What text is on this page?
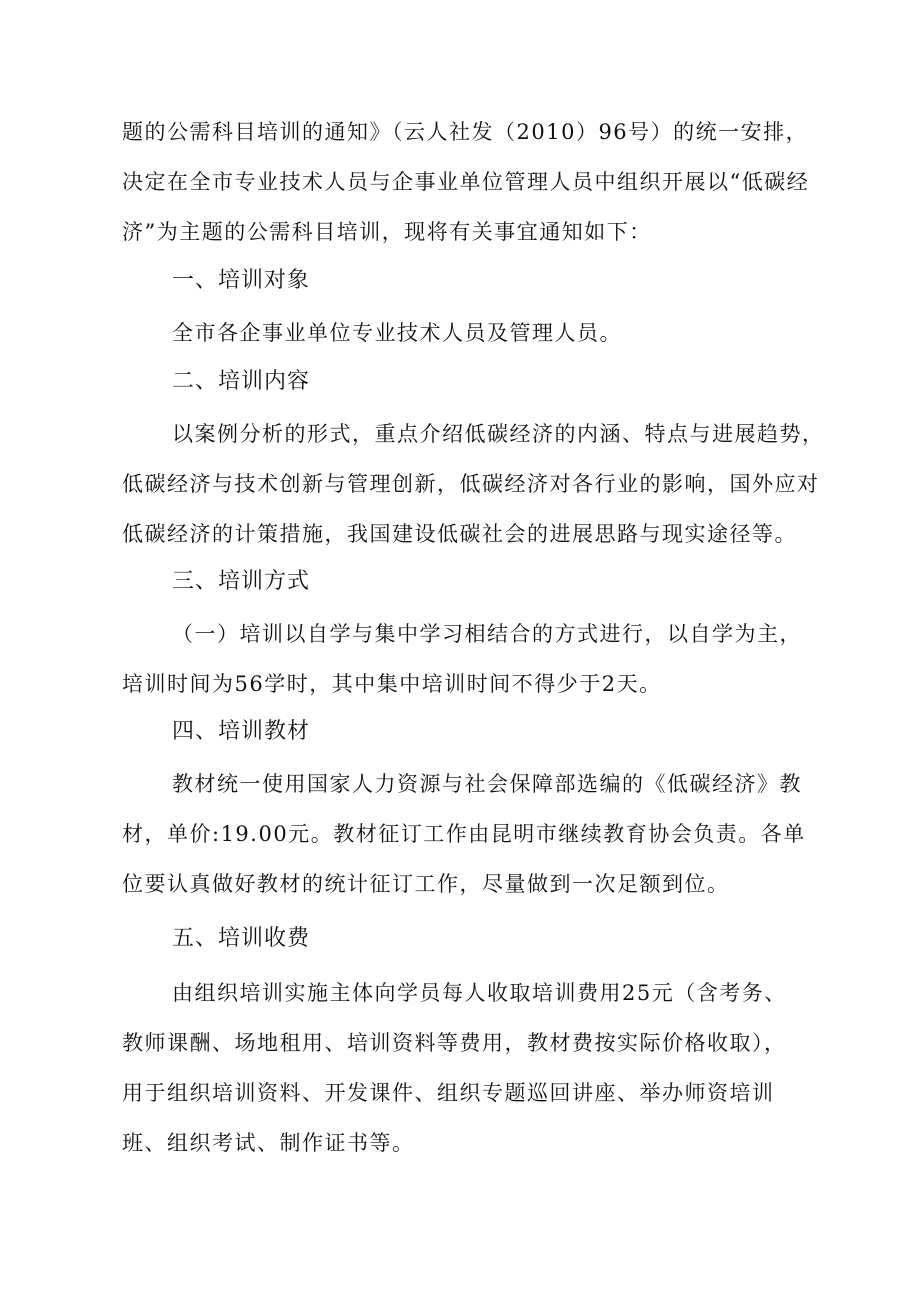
题的公需科目培训的通知》（云人社发（2010）96号）的统一安排，
决定在全市专业技术人员与企事业单位管理人员中组织开展以“低碳经
济”为主题的公需科目培训，现将有关事宜通知如下：
一、培训对象
全市各企事业单位专业技术人员及管理人员。
二、培训内容
以案例分析的形式，重点介绍低碳经济的内涵、特点与进展趋势，
低碳经济与技术创新与管理创新，低碳经济对各行业的影响，国外应对
低碳经济的计策措施，我国建设低碳社会的进展思路与现实途径等。
三、培训方式
（一）培训以自学与集中学习相结合的方式进行，以自学为主，
培训时间为56学时，其中集中培训时间不得少于2天。
四、培训教材
教材统一使用国家人力资源与社会保障部选编的《低碳经济》教
材，单价:19.00元。教材征订工作由昆明市继续教育协会负责。各单
位要认真做好教材的统计征订工作，尽量做到一次足额到位。
五、培训收费
由组织培训实施主体向学员每人收取培训费用25元（含考务、
教师课酬、场地租用、培训资料等费用，教材费按实际价格收取），
用于组织培训资料、开发课件、组织专题巡回讲座、举办师资培训
班、组织考试、制作证书等。
